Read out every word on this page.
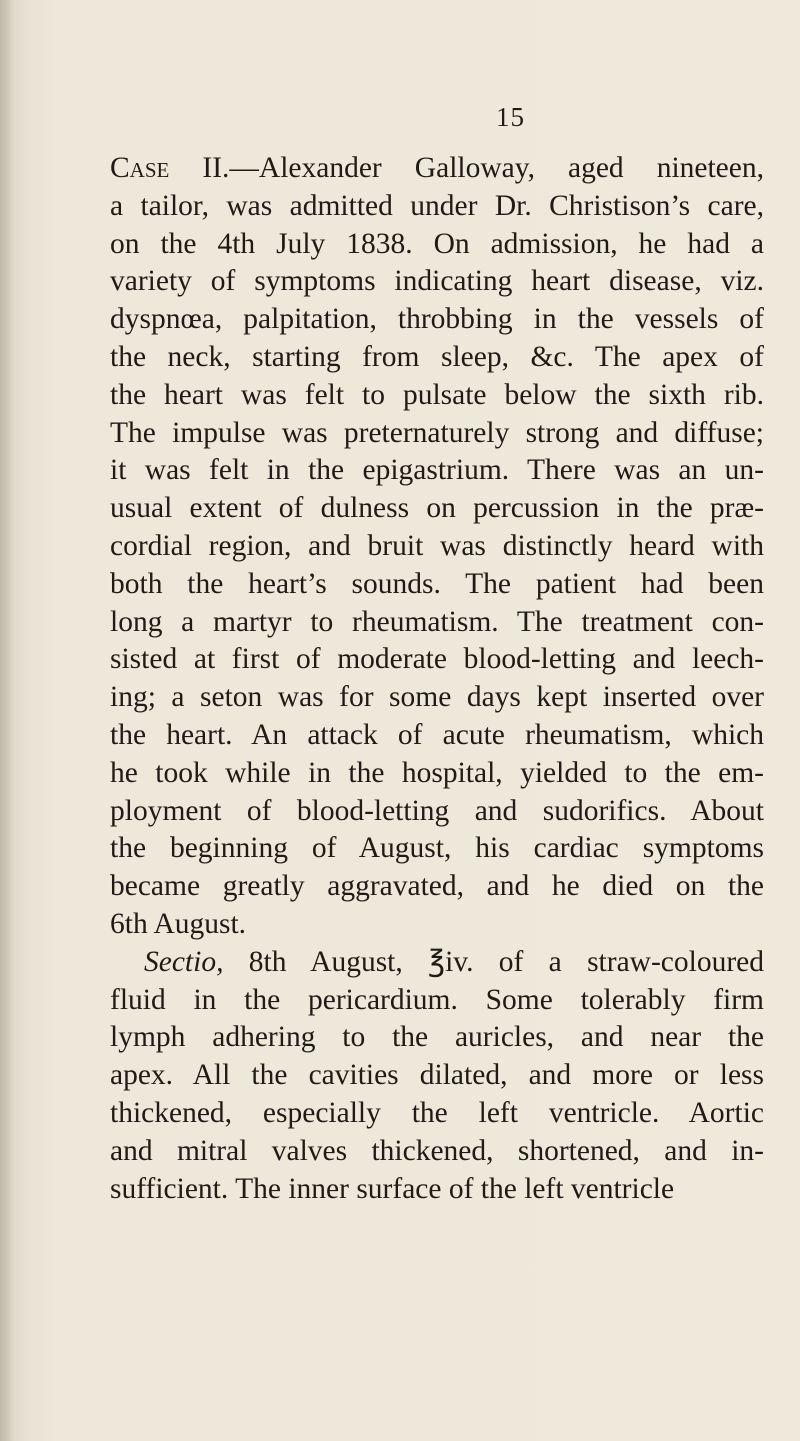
15
Case II.—Alexander Galloway, aged nineteen,
a tailor, was admitted under Dr. Christison’s care,
on the 4th July 1838. On admission, he had a
variety of symptoms indicating heart disease, viz.
dyspnœa, palpitation, throbbing in the vessels of
the neck, starting from sleep, &c. The apex of
the heart was felt to pulsate below the sixth rib.
The impulse was preternaturely strong and diffuse;
it was felt in the epigastrium. There was an un-
usual extent of dulness on percussion in the præ-
cordial region, and bruit was distinctly heard with
both the heart’s sounds. The patient had been
long a martyr to rheumatism. The treatment con-
sisted at first of moderate blood-letting and leech-
ing; a seton was for some days kept inserted over
the heart. An attack of acute rheumatism, which
he took while in the hospital, yielded to the em-
ployment of blood-letting and sudorifics. About
the beginning of August, his cardiac symptoms
became greatly aggravated, and he died on the
6th August.
Sectio, 8th August, ℥iv. of a straw-coloured
fluid in the pericardium. Some tolerably firm
lymph adhering to the auricles, and near the
apex. All the cavities dilated, and more or less
thickened, especially the left ventricle. Aortic
and mitral valves thickened, shortened, and in-
sufficient. The inner surface of the left ventricle
